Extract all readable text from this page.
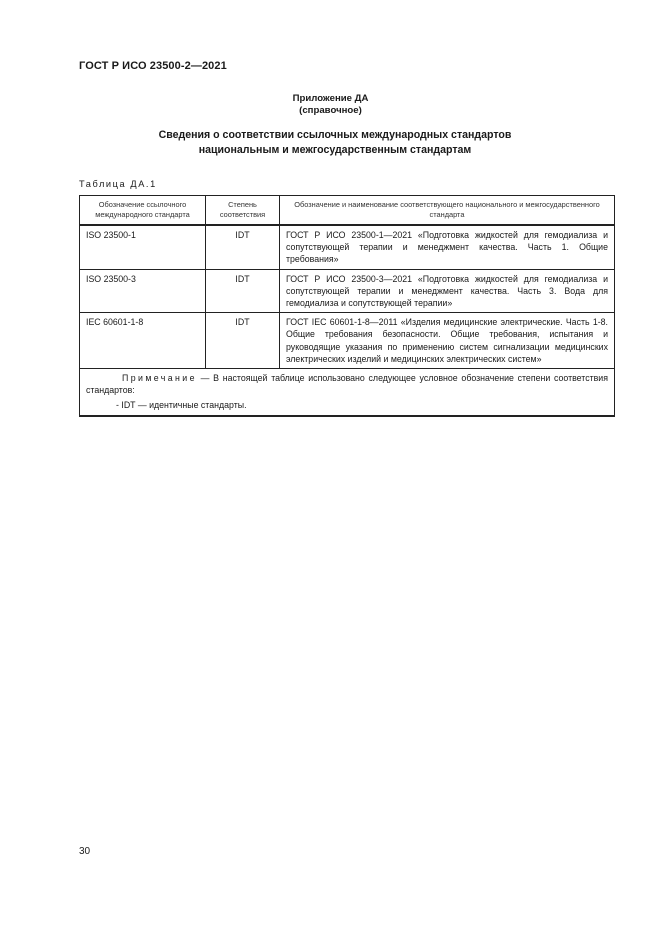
ГОСТ Р ИСО 23500-2—2021
Приложение ДА
(справочное)
Сведения о соответствии ссылочных международных стандартов
национальным и межгосударственным стандартам
Таблица ДА.1
Обозначение ссылочного международного стандарта	Степень соответствия	Обозначение и наименование соответствующего национального и межгосударственного стандарта
ISO 23500-1	IDT	ГОСТ Р ИСО 23500-1—2021 «Подготовка жидкостей для гемодиализа и сопутствующей терапии и менеджмент качества. Часть 1. Общие требования»
ISO 23500-3	IDT	ГОСТ Р ИСО 23500-3—2021 «Подготовка жидкостей для гемодиализа и сопутствующей терапии и менеджмент качества. Часть 3. Вода для гемодиализа и сопутствующей терапии»
IEC 60601-1-8	IDT	ГОСТ IEC 60601-1-8—2011 «Изделия медицинские электрические. Часть 1-8. Общие требования безопасности. Общие требования, испытания и руководящие указания по применению систем сигнализации медицинских электрических изделий и медицинских электрических систем»

Примечание — В настоящей таблице использовано следующее условное обозначение степени соответствия стандартов:
- IDT — идентичные стандарты.		
30
